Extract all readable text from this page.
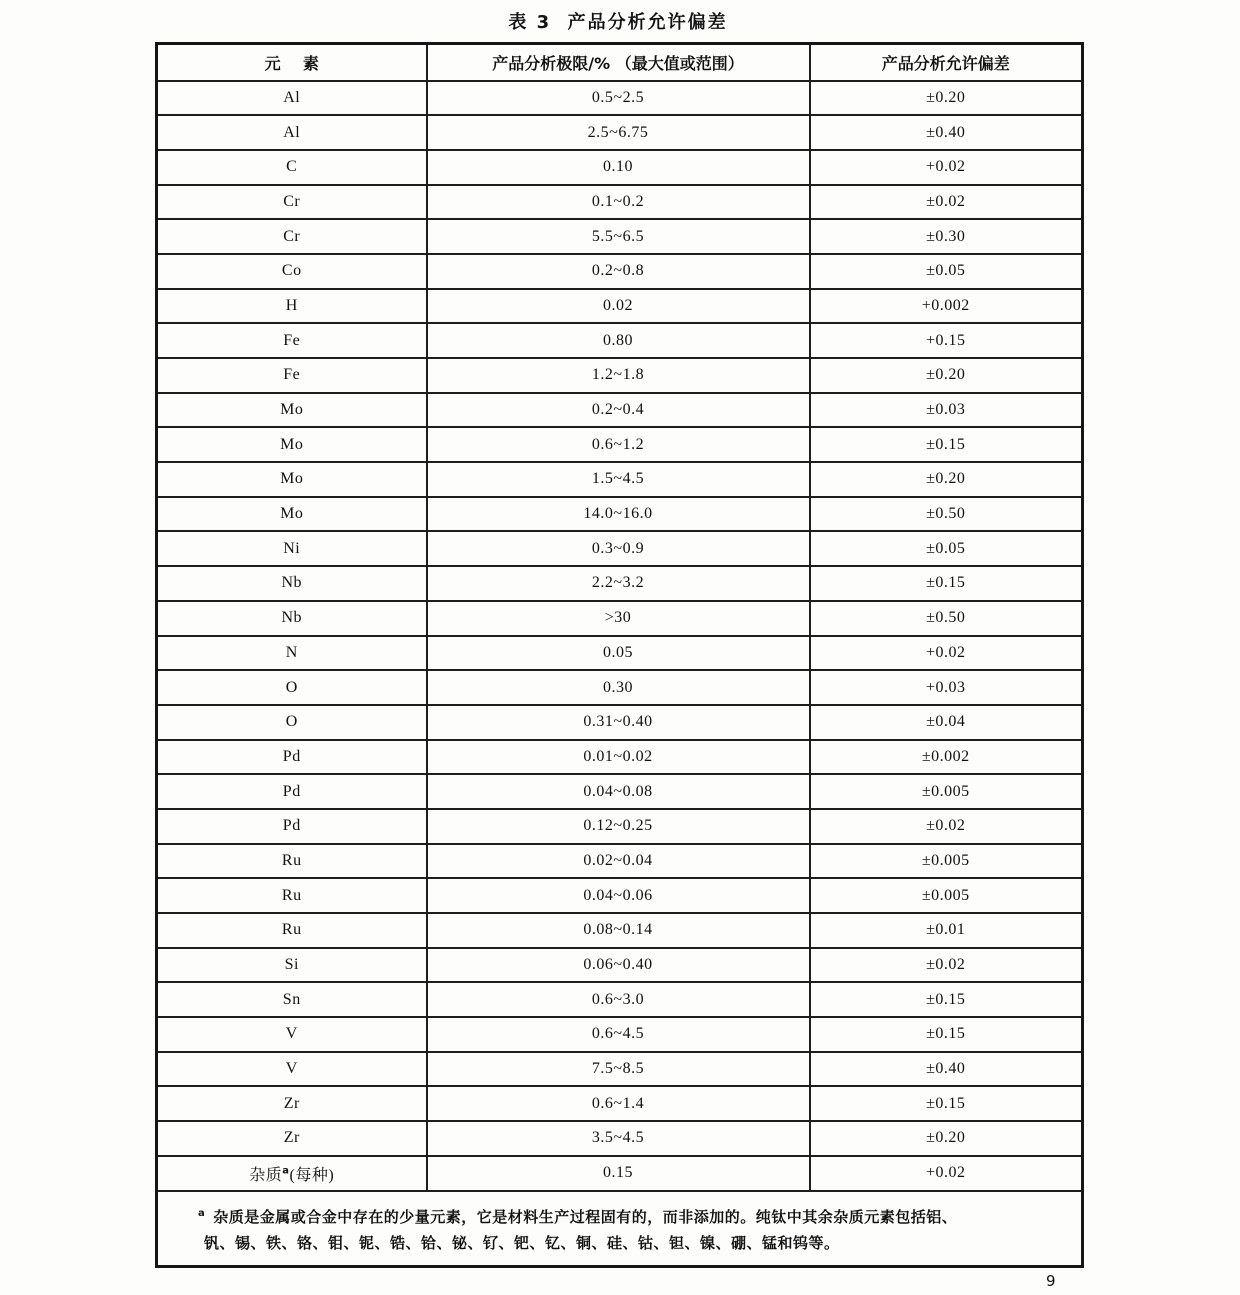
表 3  产品分析允许偏差
元    素	产品分析极限/% （最大值或范围）	产品分析允许偏差
Al	0.5~2.5	±0.20
Al	2.5~6.75	±0.40
C	0.10	+0.02
Cr	0.1~0.2	±0.02
Cr	5.5~6.5	±0.30
Co	0.2~0.8	±0.05
H	0.02	+0.002
Fe	0.80	+0.15
Fe	1.2~1.8	±0.20
Mo	0.2~0.4	±0.03
Mo	0.6~1.2	±0.15
Mo	1.5~4.5	±0.20
Mo	14.0~16.0	±0.50
Ni	0.3~0.9	±0.05
Nb	2.2~3.2	±0.15
Nb	>30	±0.50
N	0.05	+0.02
O	0.30	+0.03
O	0.31~0.40	±0.04
Pd	0.01~0.02	±0.002
Pd	0.04~0.08	±0.005
Pd	0.12~0.25	±0.02
Ru	0.02~0.04	±0.005
Ru	0.04~0.06	±0.005
Ru	0.08~0.14	±0.01
Si	0.06~0.40	±0.02
Sn	0.6~3.0	±0.15
V	0.6~4.5	±0.15
V	7.5~8.5	±0.40
Zr	0.6~1.4	±0.15
Zr	3.5~4.5	±0.20
杂质$^a$(每种)	0.15	+0.02

$^a$ 杂质是金属或合金中存在的少量元素，它是材料生产过程固有的，而非添加的。纯钛中其余杂质元素包括铝、
钒、锡、铁、铬、钼、铌、锆、铪、铋、钌、钯、钇、铜、硅、钴、钽、镍、硼、锰和钨等。		
9
